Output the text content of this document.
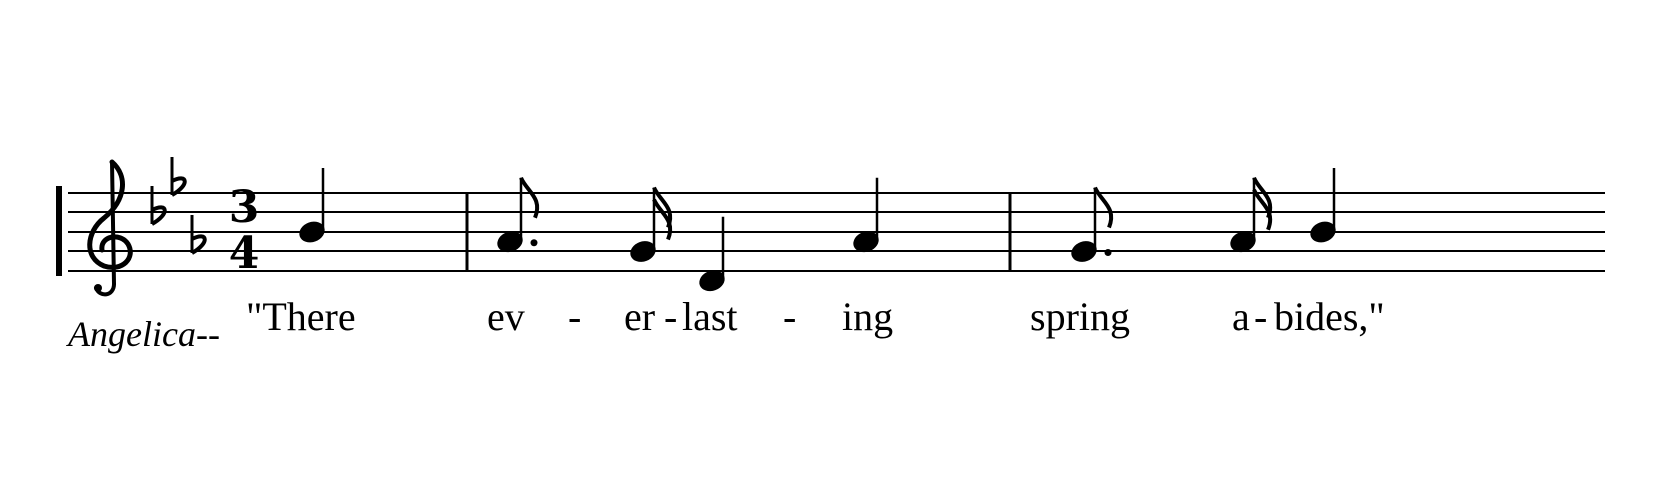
3
4
Angelica-- "There	ev - er - last - ing	spring	a - bides,"
